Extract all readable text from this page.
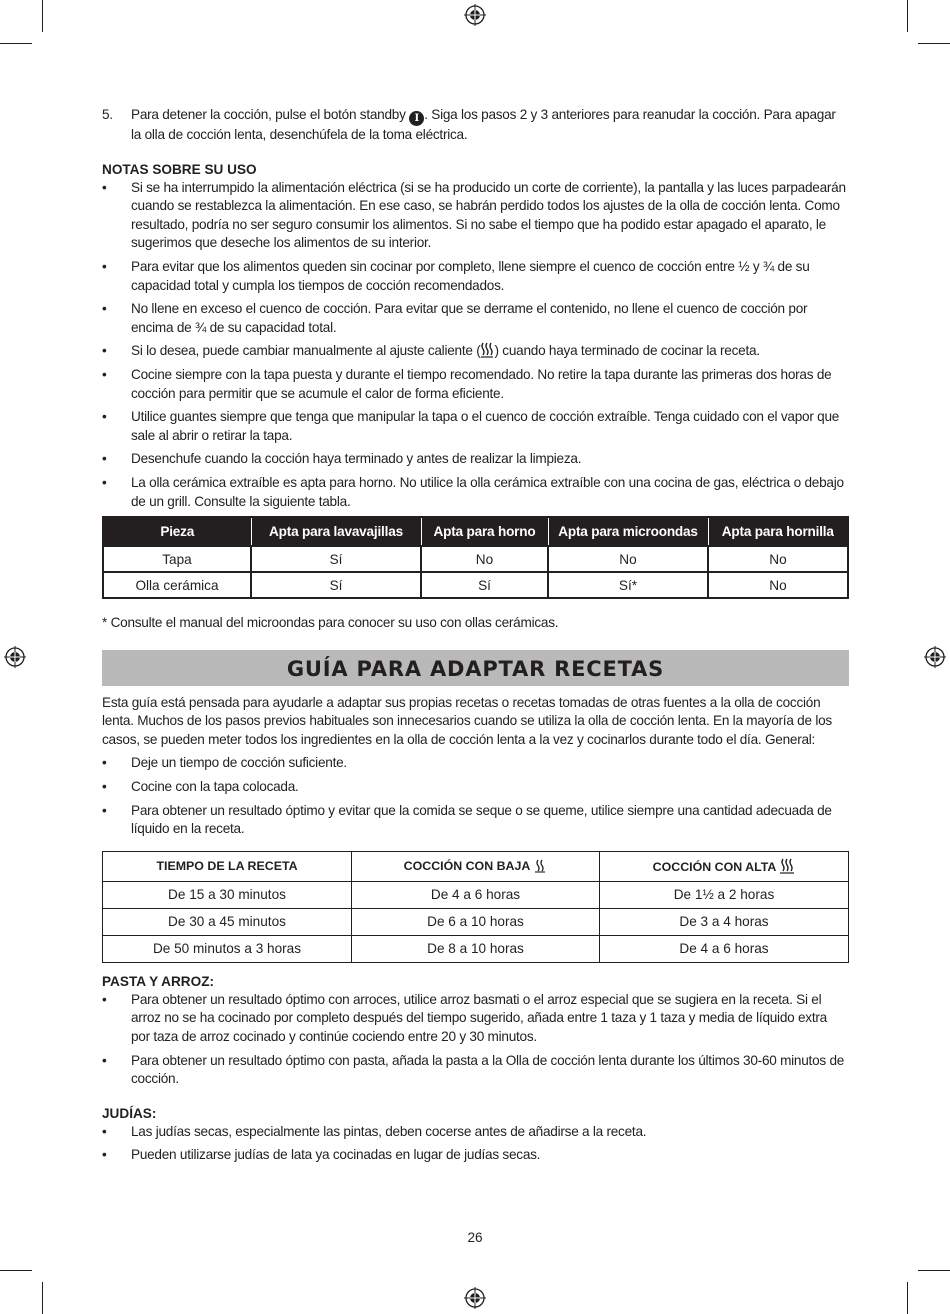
5. Para detener la cocción, pulse el botón standby I . Siga los pasos 2 y 3 anteriores para reanudar la cocción. Para apagar la olla de cocción lenta, desenchúfela de la toma eléctrica.
NOTAS SOBRE SU USO
• Si se ha interrumpido la alimentación eléctrica (si se ha producido un corte de corriente), la pantalla y las luces parpadearán cuando se restablezca la alimentación. En ese caso, se habrán perdido todos los ajustes de la olla de cocción lenta. Como resultado, podría no ser seguro consumir los alimentos. Si no sabe el tiempo que ha podido estar apagado el aparato, le sugerimos que deseche los alimentos de su interior.
• Para evitar que los alimentos queden sin cocinar por completo, llene siempre el cuenco de cocción entre ½ y ¾ de su capacidad total y cumpla los tiempos de cocción recomendados.
• No llene en exceso el cuenco de cocción. Para evitar que se derrame el contenido, no llene el cuenco de cocción por encima de ¾ de su capacidad total.
• Si lo desea, puede cambiar manualmente al ajuste caliente ( ) cuando haya terminado de cocinar la receta.
• Cocine siempre con la tapa puesta y durante el tiempo recomendado. No retire la tapa durante las primeras dos horas de cocción para permitir que se acumule el calor de forma eficiente.
• Utilice guantes siempre que tenga que manipular la tapa o el cuenco de cocción extraíble. Tenga cuidado con el vapor que sale al abrir o retirar la tapa.
• Desenchufe cuando la cocción haya terminado y antes de realizar la limpieza.
• La olla cerámica extraíble es apta para horno. No utilice la olla cerámica extraíble con una cocina de gas, eléctrica o debajo de un grill. Consulte la siguiente tabla.
Pieza	Apta para lavavajillas	Apta para horno	Apta para microondas	Apta para hornilla
Tapa	Sí	No	No	No
Olla cerámica	Sí	Sí	Sí*	No

* Consulte el manual del microondas para conocer su uso con ollas cerámicas.

GUÍA PARA ADAPTAR RECETAS

Esta guía está pensada para ayudarle a adaptar sus propias recetas o recetas tomadas de otras fuentes a la olla de cocción lenta. Muchos de los pasos previos habituales son innecesarios cuando se utiliza la olla de cocción lenta. En la mayoría de los casos, se pueden meter todos los ingredientes en la olla de cocción lenta a la vez y cocinarlos durante todo el día. General:

• Deje un tiempo de cocción suficiente.
• Cocine con la tapa colocada.
• Para obtener un resultado óptimo y evitar que la comida se seque o se queme, utilice siempre una cantidad adecuada de líquido en la receta.
TIEMPO DE LA RECETA	COCCIÓN CON BAJA	COCCIÓN CON ALTA
De 15 a 30 minutos	De 4 a 6 horas	De 1½ a 2 horas
De 30 a 45 minutos	De 6 a 10 horas	De 3 a 4 horas
De 50 minutos a 3 horas	De 8 a 10 horas	De 4 a 6 horas
PASTA Y ARROZ:
• Para obtener un resultado óptimo con arroces, utilice arroz basmati o el arroz especial que se sugiera en la receta. Si el arroz no se ha cocinado por completo después del tiempo sugerido, añada entre 1 taza y 1 taza y media de líquido extra por taza de arroz cocinado y continúe cociendo entre 20 y 30 minutos.
• Para obtener un resultado óptimo con pasta, añada la pasta a la Olla de cocción lenta durante los últimos 30-60 minutos de cocción.
JUDÍAS:
• Las judías secas, especialmente las pintas, deben cocerse antes de añadirse a la receta.
• Pueden utilizarse judías de lata ya cocinadas en lugar de judías secas.
26
